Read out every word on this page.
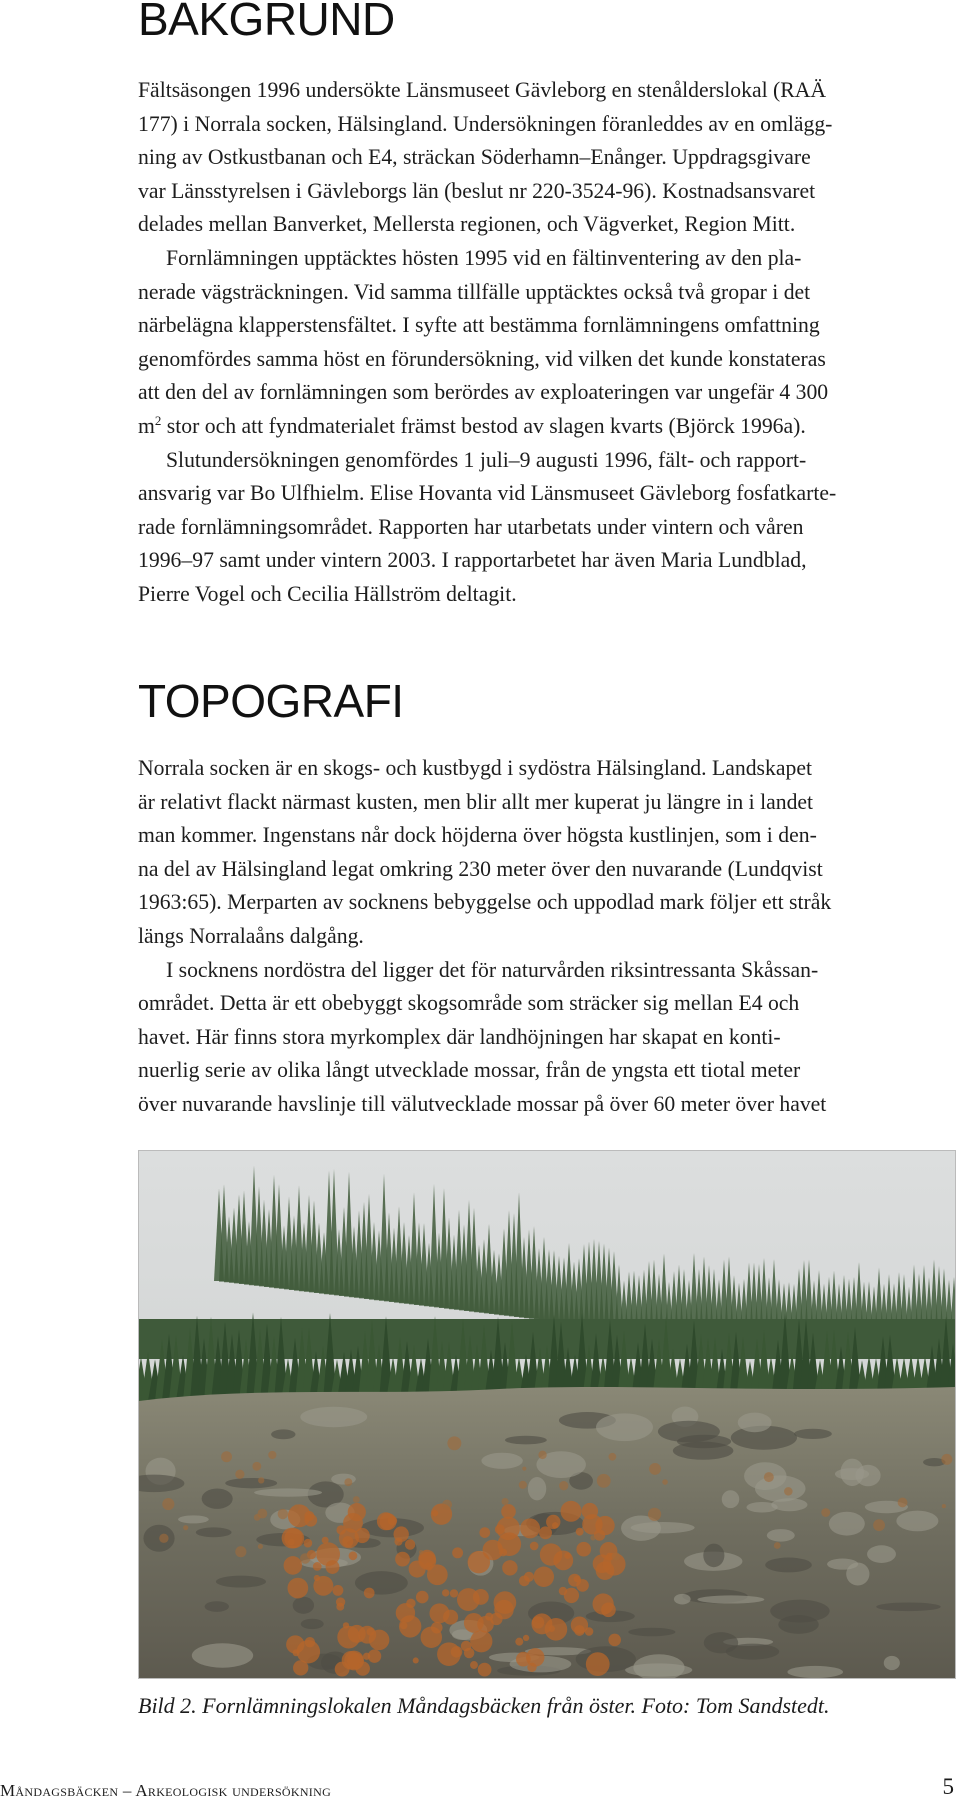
BAKGRUND
Fältsäsongen 1996 undersökte Länsmuseet Gävleborg en stenålderslokal (RAÄ
177) i Norrala socken, Hälsingland. Undersökningen föranleddes av en omlägg-
ning av Ostkustbanan och E4, sträckan Söderhamn–Enånger. Uppdragsgivare
var Länsstyrelsen i Gävleborgs län (beslut nr 220-3524-96). Kostnadsansvaret
delades mellan Banverket, Mellersta regionen, och Vägverket, Region Mitt.
Fornlämningen upptäcktes hösten 1995 vid en fältinventering av den pla-
nerade vägsträckningen. Vid samma tillfälle upptäcktes också två gropar i det
närbelägna klapperstensfältet. I syfte att bestämma fornlämningens omfattning
genomfördes samma höst en förundersökning, vid vilken det kunde konstateras
att den del av fornlämningen som berördes av exploateringen var ungefär 4 300
$m^2$ stor och att fyndmaterialet främst bestod av slagen kvarts (Björck 1996a).
Slutundersökningen genomfördes 1 juli–9 augusti 1996, fält- och rapport-
ansvarig var Bo Ulfhielm. Elise Hovanta vid Länsmuseet Gävleborg fosfatkarte-
rade fornlämningsområdet. Rapporten har utarbetats under vintern och våren
1996–97 samt under vintern 2003. I rapportarbetet har även Maria Lundblad,
Pierre Vogel och Cecilia Hällström deltagit.
TOPOGRAFI
Norrala socken är en skogs- och kustbygd i sydöstra Hälsingland. Landskapet
är relativt flackt närmast kusten, men blir allt mer kuperat ju längre in i landet
man kommer. Ingenstans når dock höjderna över högsta kustlinjen, som i den-
na del av Hälsingland legat omkring 230 meter över den nuvarande (Lundqvist
1963:65). Merparten av socknens bebyggelse och uppodlad mark följer ett stråk
längs Norralaåns dalgång.
I socknens nordöstra del ligger det för naturvården riksintressanta Skåssan-
området. Detta är ett obebyggt skogsområde som sträcker sig mellan E4 och
havet. Här finns stora myrkomplex där landhöjningen har skapat en konti-
nuerlig serie av olika långt utvecklade mossar, från de yngsta ett tiotal meter
över nuvarande havslinje till välutvecklade mossar på över 60 meter över havet
Bild 2. Fornlämningslokalen Måndagsbäcken från öster. Foto: Tom Sandstedt.
Måndagsbäcken – Arkeologisk undersökning	5
